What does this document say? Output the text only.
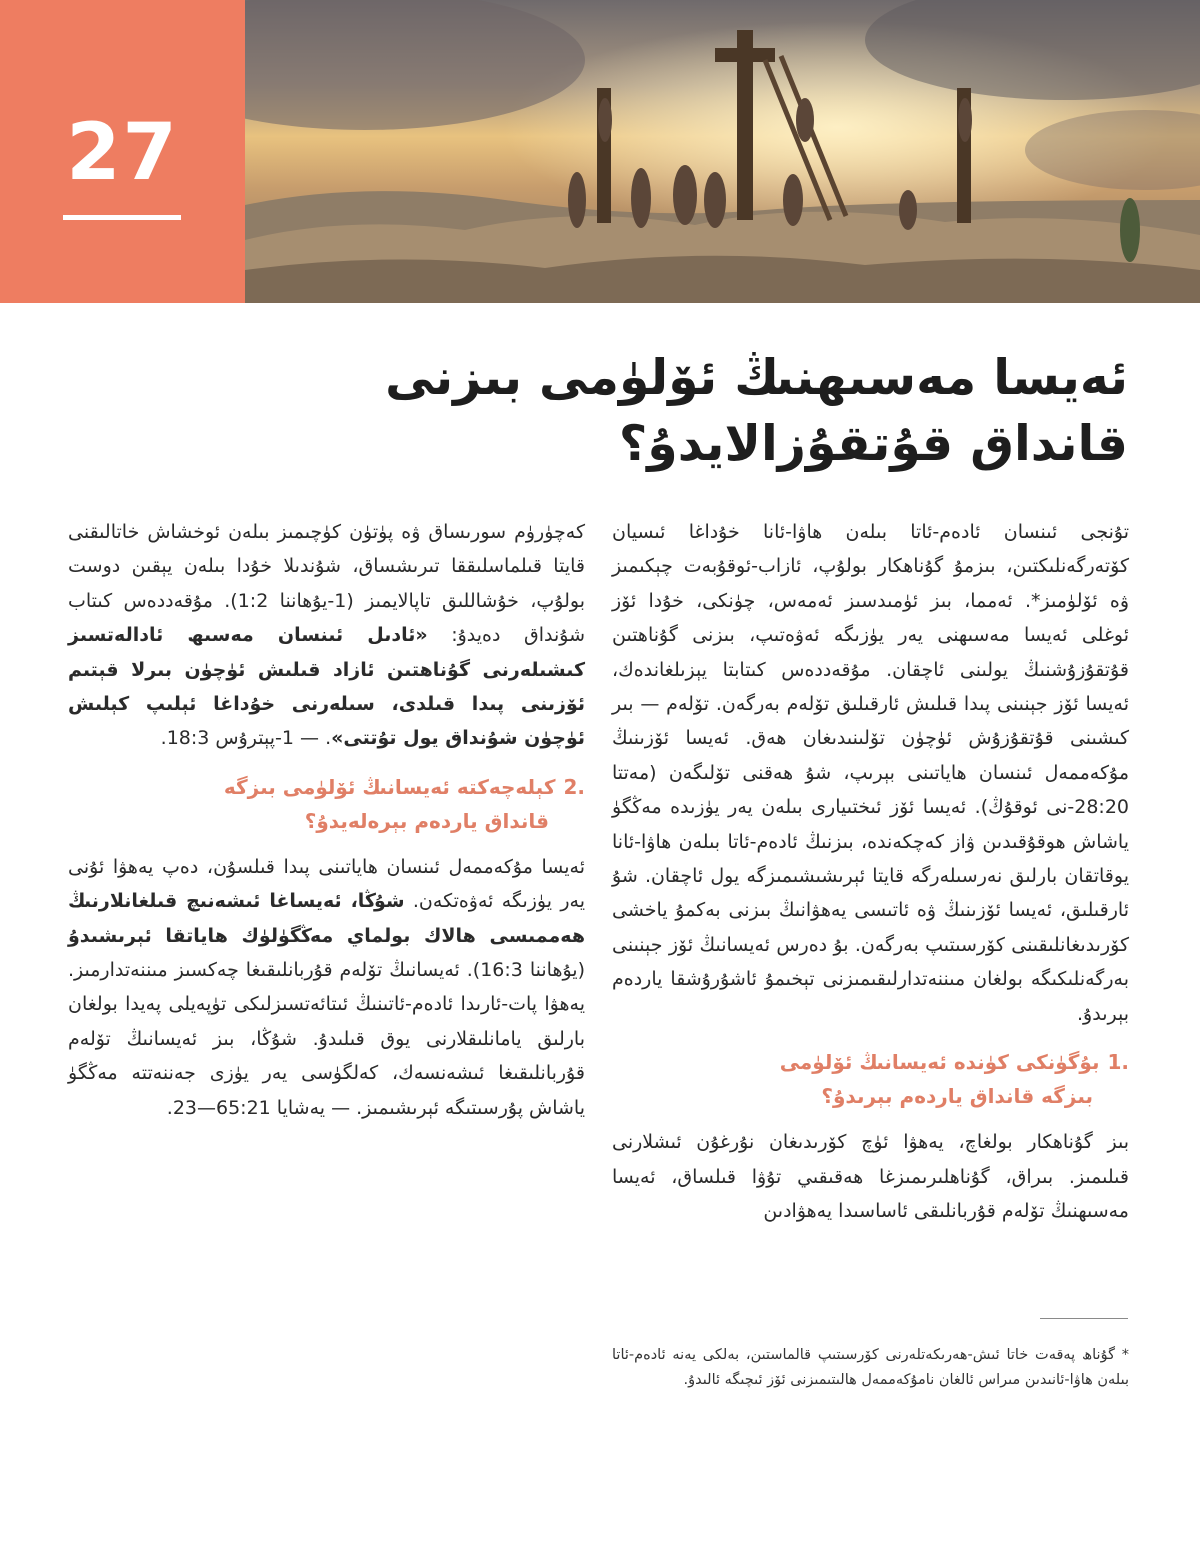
27
ئەيسا مەسىھنىڭ ئۆلۈمى بىزنى قانداق قۇتقۇزالايدۇ؟

تۇنجى ئىنسان ئادەم-ئاتا بىلەن ھاۋا-ئانا خۇداغا ئىسيان كۆتەرگەنلىكتىن، بىزمۇ گۇناھكار بولۇپ، ئازاب-ئوقۇبەت چېكىمىز ۋە ئۆلۈمىز*. ئەمما، بىز ئۈمىدسىز ئەمەس، چۈنكى، خۇدا ئۆز ئوغلى ئەيسا مەسىھنى يەر يۈزىگە ئەۋەتىپ، بىزنى گۇناھتىن قۇتقۇزۇشنىڭ يولىنى ئاچقان. مۇقەددەس كىتابتا يېزىلغاندەك، ئەيسا ئۆز جېنىنى پىدا قىلىش ئارقىلىق تۆلەم بەرگەن. تۆلەم — بىر كىشىنى قۇتقۇزۇش ئۈچۈن تۆلىنىدىغان ھەق. ئەيسا ئۆزىنىڭ مۇكەممەل ئىنسان ھاياتىنى بېرىپ، شۇ ھەقنى تۆلىگەن (مەتتا 28:20-نى ئوقۇڭ). ئەيسا ئۆز ئىختىيارى بىلەن يەر يۈزىدە مەڭگۈ ياشاش ھوقۇقىدىن ۋاز كەچكەندە، بىزنىڭ ئادەم-ئاتا بىلەن ھاۋا-ئانا يوقاتقان بارلىق نەرسىلەرگە قايتا ئېرىشىشىمىزگە يول ئاچقان. شۇ ئارقىلىق، ئەيسا ئۆزىنىڭ ۋە ئاتىسى يەھۋانىڭ بىزنى بەكمۇ ياخشى كۆرىدىغانلىقىنى كۆرسىتىپ بەرگەن. بۇ دەرس ئەيسانىڭ ئۆز جېنىنى بەرگەنلىكىگە بولغان مىننەتدارلىقىمىزنى تېخىمۇ ئاشۇرۇشقا ياردەم بېرىدۇ.

.1بۇگۈنكى كۈندە ئەيسانىڭ ئۆلۈمى
بىزگە قانداق ياردەم بېرىدۇ؟

بىز گۇناھكار بولغاچ، يەھۋا ئۈچ كۆرىدىغان نۇرغۇن ئىشلارنى قىلىمىز. بىراق، گۇناھلىرىمىزغا ھەقىقىي تۇۋا قىلساق، ئەيسا مەسىھنىڭ تۆلەم قۇربانلىقى ئاساسىدا يەھۋادىن

كەچۈرۈم سورىساق ۋە پۈتۈن كۈچىمىز بىلەن ئوخشاش خاتالىقنى قايتا قىلماسلىققا تىرىشساق، شۇندىلا خۇدا بىلەن يېقىن دوست بولۇپ، خۇشاللىق تاپالايمىز (1-يۇھاننا 1:2). مۇقەددەس كىتاب شۇنداق دەيدۇ: «ئادىل ئىنسان مەسىھ ئادالەتسىز كىشىلەرنى گۇناھتىن ئازاد قىلىش ئۈچۈن بىرلا قېتىم ئۆزىنى پىدا قىلدى، سىلەرنى خۇداغا ئېلىپ كېلىش ئۈچۈن شۇنداق يول تۇتتى». — 1-پېترۇس 18:3.

.2كېلەچەكتە ئەيسانىڭ ئۆلۈمى بىزگە
قانداق ياردەم بېرەلەيدۇ؟

ئەيسا مۇكەممەل ئىنسان ھاياتىنى پىدا قىلسۇن، دەپ يەھۋا ئۇنى يەر يۈزىگە ئەۋەتكەن. شۇڭا، ئەيساغا ئىشەنىچ قىلغانلارنىڭ ھەممىسى ھالاك بولماي مەڭگۈلۈك ھاياتقا ئېرىشىدۇ (يۇھاننا 16:3). ئەيسانىڭ تۆلەم قۇربانلىقىغا چەكسىز مىننەتدارمىز. يەھۋا پات-ئارىدا ئادەم-ئاتىنىڭ ئىتائەتسىزلىكى تۈپەيلى پەيدا بولغان بارلىق يامانلىقلارنى يوق قىلىدۇ. شۇڭا، بىز ئەيسانىڭ تۆلەم قۇربانلىقىغا ئىشەنسەك، كەلگۈسى يەر يۈزى جەننەتتە مەڭگۈ ياشاش پۇرسىتىگە ئېرىشىمىز. — يەشايا 65:21—23.

* گۇناھ پەقەت خاتا ئىش-ھەرىكەتلەرنى كۆرسىتىپ قالماستىن، بەلكى يەنە ئادەم-ئاتا بىلەن ھاۋا-ئانىدىن مىراس ئالغان نامۇكەممەل ھالىتىمىزنى ئۆز ئىچىگە ئالىدۇ.
